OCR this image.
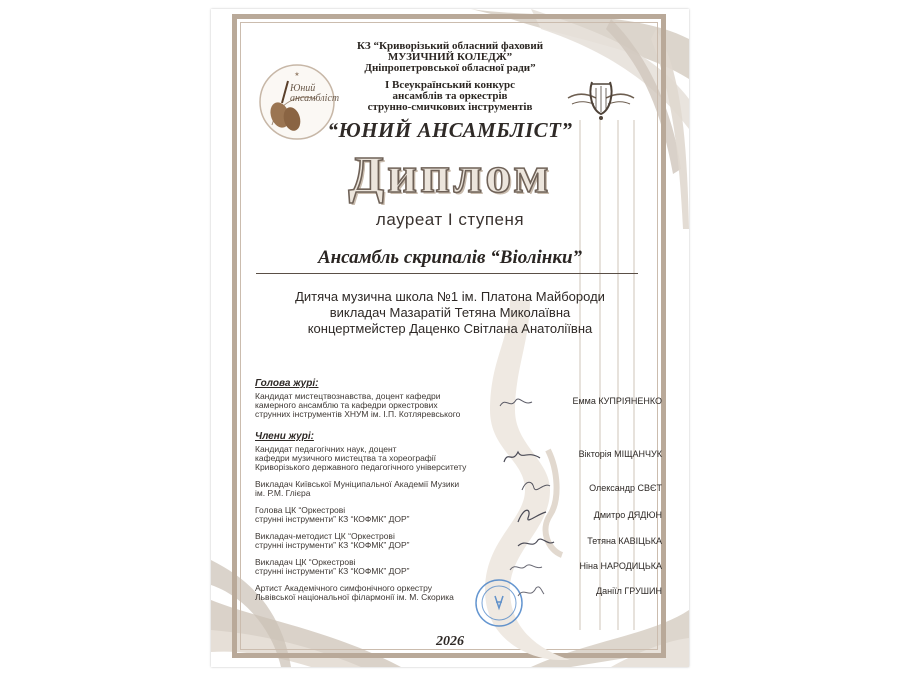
★
Юний
ансамбліст
КЗ “Криворізький обласний фаховий
МУЗИЧНИЙ КОЛЕДЖ”
Дніпропетровської обласної ради”
I Всеукраїнський конкурс
ансамблів та оркестрів
струнно-смичкових інструментів
“ЮНИЙ АНСАМБЛІСТ”
Диплом
лауреат I ступеня
Ансамбль скрипалів “Віолінки”
Дитяча музична школа №1 ім. Платона Майбороди
викладач Мазаратій Тетяна Миколаївна
концертмейстер Даценко Світлана Анатоліївна
Голова журі:
Кандидат мистецтвознавства, доцент кафедри
камерного ансамблю та кафедри оркестрових
струнних інструментів ХНУМ ім. І.П. Котляревського
Емма КУПРІЯНЕНКО
Члени журі:
Кандидат педагогічних наук, доцент
кафедри музичного мистецтва та хореографії
Криворізького державного педагогічного університету
Вікторія МІЩАНЧУК
Викладач Київської Муніципальної Академії Музики
ім. Р.М. Глієра	Олександр СВЄТ
Голова ЦК “Оркестрові
струнні інструменти” КЗ “КОФМК” ДОР”	Дмитро ДЯДЮН
Викладач-методист ЦК “Оркестрові
струнні інструменти” КЗ “КОФМК” ДОР”	Тетяна КАВІЦЬКА
Викладач ЦК “Оркестрові
струнні інструменти” КЗ “КОФМК” ДОР”	Ніна НАРОДИЦЬКА
Артист Академічного симфонічного оркестру
Львівської національної філармонії ім. М. Скорика
Даніїл ГРУШИН
2026
